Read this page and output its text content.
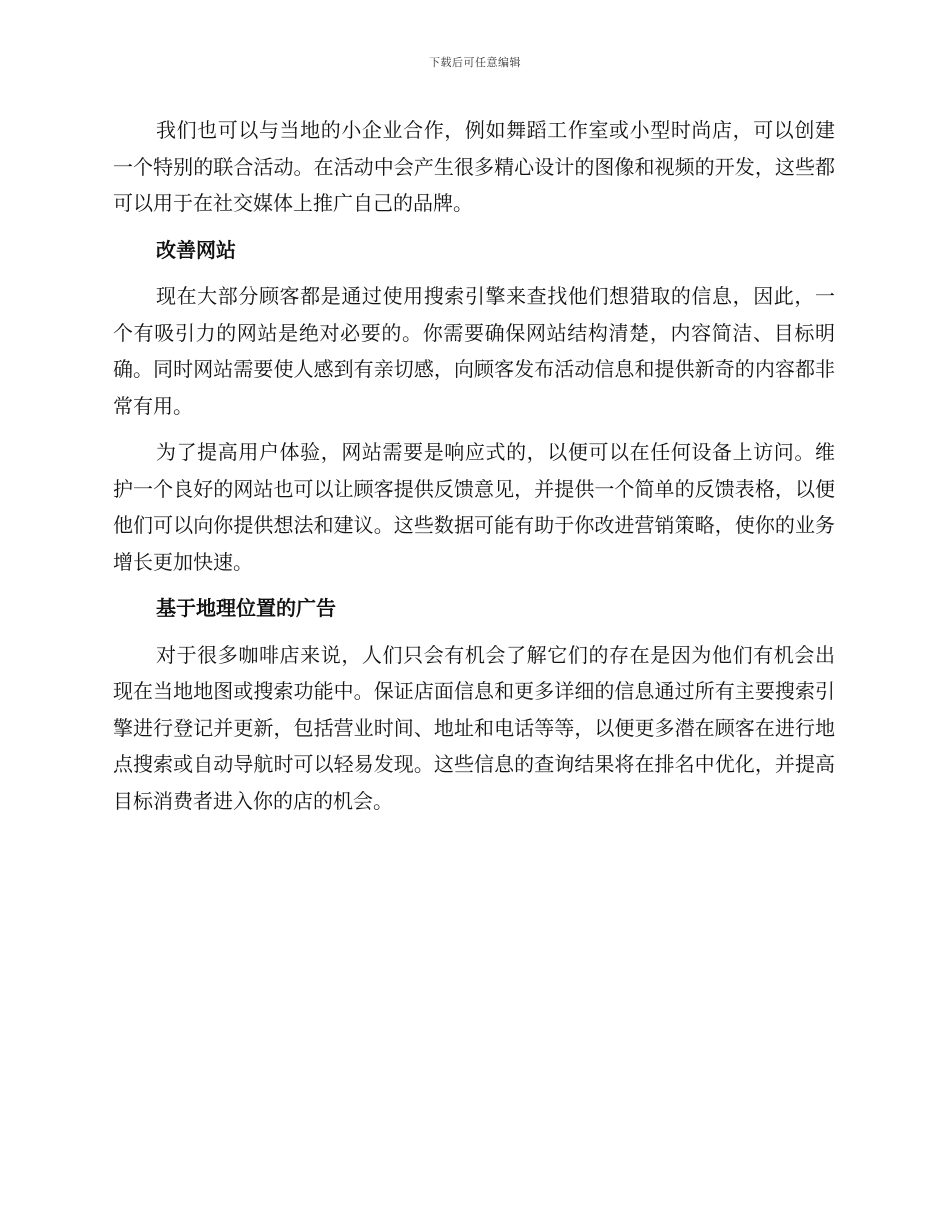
下载后可任意编辑

我们也可以与当地的小企业合作，例如舞蹈工作室或小型时尚店，可以创建一个特别的联合活动。在活动中会产生很多精心设计的图像和视频的开发，这些都可以用于在社交媒体上推广自己的品牌。

改善网站

现在大部分顾客都是通过使用搜索引擎来查找他们想猎取的信息，因此，一个有吸引力的网站是绝对必要的。你需要确保网站结构清楚，内容简洁、目标明确。同时网站需要使人感到有亲切感，向顾客发布活动信息和提供新奇的内容都非常有用。

为了提高用户体验，网站需要是响应式的，以便可以在任何设备上访问。维护一个良好的网站也可以让顾客提供反馈意见，并提供一个简单的反馈表格，以便他们可以向你提供想法和建议。这些数据可能有助于你改进营销策略，使你的业务增长更加快速。

基于地理位置的广告

对于很多咖啡店来说，人们只会有机会了解它们的存在是因为他们有机会出现在当地地图或搜索功能中。保证店面信息和更多详细的信息通过所有主要搜索引擎进行登记并更新，包括营业时间、地址和电话等等，以便更多潜在顾客在进行地点搜索或自动导航时可以轻易发现。这些信息的查询结果将在排名中优化，并提高目标消费者进入你的店的机会。
